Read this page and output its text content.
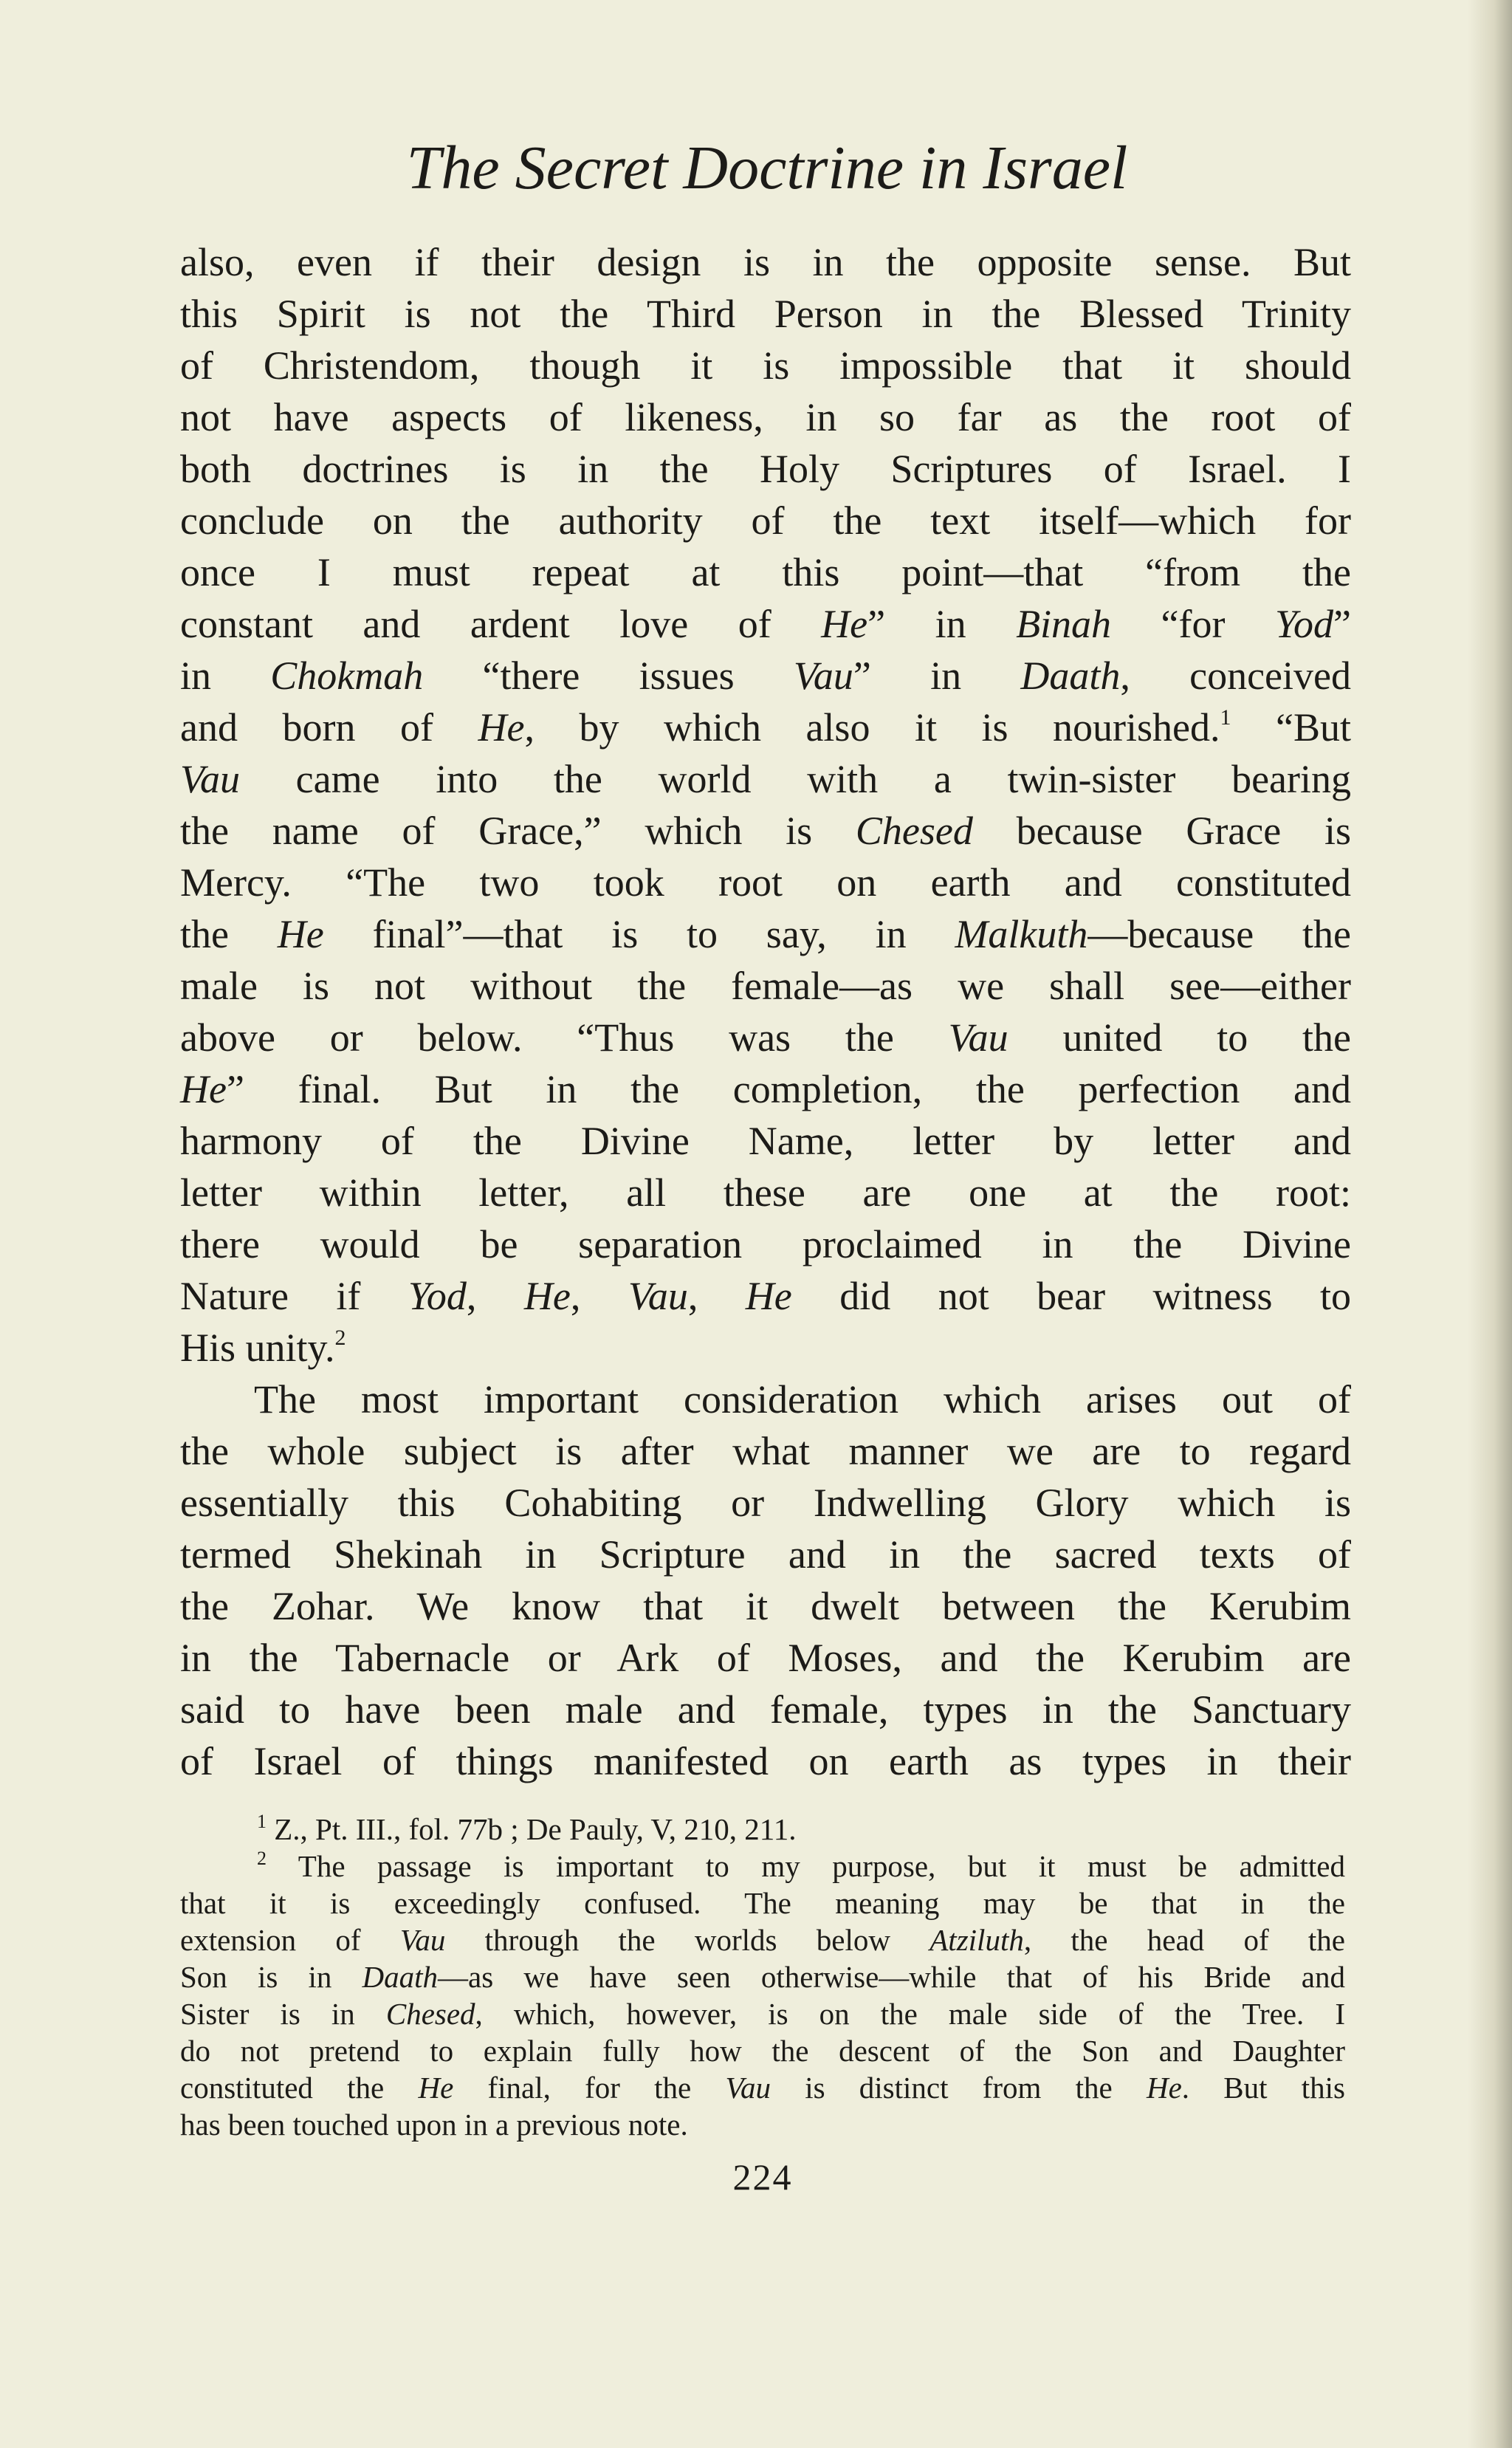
The Secret Doctrine in Israel
also, even if their design is in the opposite sense. But
this Spirit is not the Third Person in the Blessed Trinity
of Christendom, though it is impossible that it should
not have aspects of likeness, in so far as the root of
both doctrines is in the Holy Scriptures of Israel. I
conclude on the authority of the text itself—which for
once I must repeat at this point—that “from the
constant and ardent love of He” in Binah “for Yod”
in Chokmah “there issues Vau” in Daath, conceived
and born of He, by which also it is nourished.$^1$ “But
Vau came into the world with a twin-sister bearing
the name of Grace,” which is Chesed because Grace is
Mercy. “The two took root on earth and constituted
the He final”—that is to say, in Malkuth—because the
male is not without the female—as we shall see—either
above or below. “Thus was the Vau united to the
He” final. But in the completion, the perfection and
harmony of the Divine Name, letter by letter and
letter within letter, all these are one at the root:
there would be separation proclaimed in the Divine
Nature if Yod, He, Vau, He did not bear witness to
His unity.$^2$
The most important consideration which arises out of
the whole subject is after what manner we are to regard
essentially this Cohabiting or Indwelling Glory which is
termed Shekinah in Scripture and in the sacred texts of
the Zohar. We know that it dwelt between the Kerubim
in the Tabernacle or Ark of Moses, and the Kerubim are
said to have been male and female, types in the Sanctuary
of Israel of things manifested on earth as types in their
$^1$ Z., Pt. III., fol. 77b ; De Pauly, V, 210, 211.
$^2$ The passage is important to my purpose, but it must be admitted
that it is exceedingly confused. The meaning may be that in the
extension of Vau through the worlds below Atziluth, the head of the
Son is in Daath—as we have seen otherwise—while that of his Bride and
Sister is in Chesed, which, however, is on the male side of the Tree. I
do not pretend to explain fully how the descent of the Son and Daughter
constituted the He final, for the Vau is distinct from the He. But this
has been touched upon in a previous note.
224
